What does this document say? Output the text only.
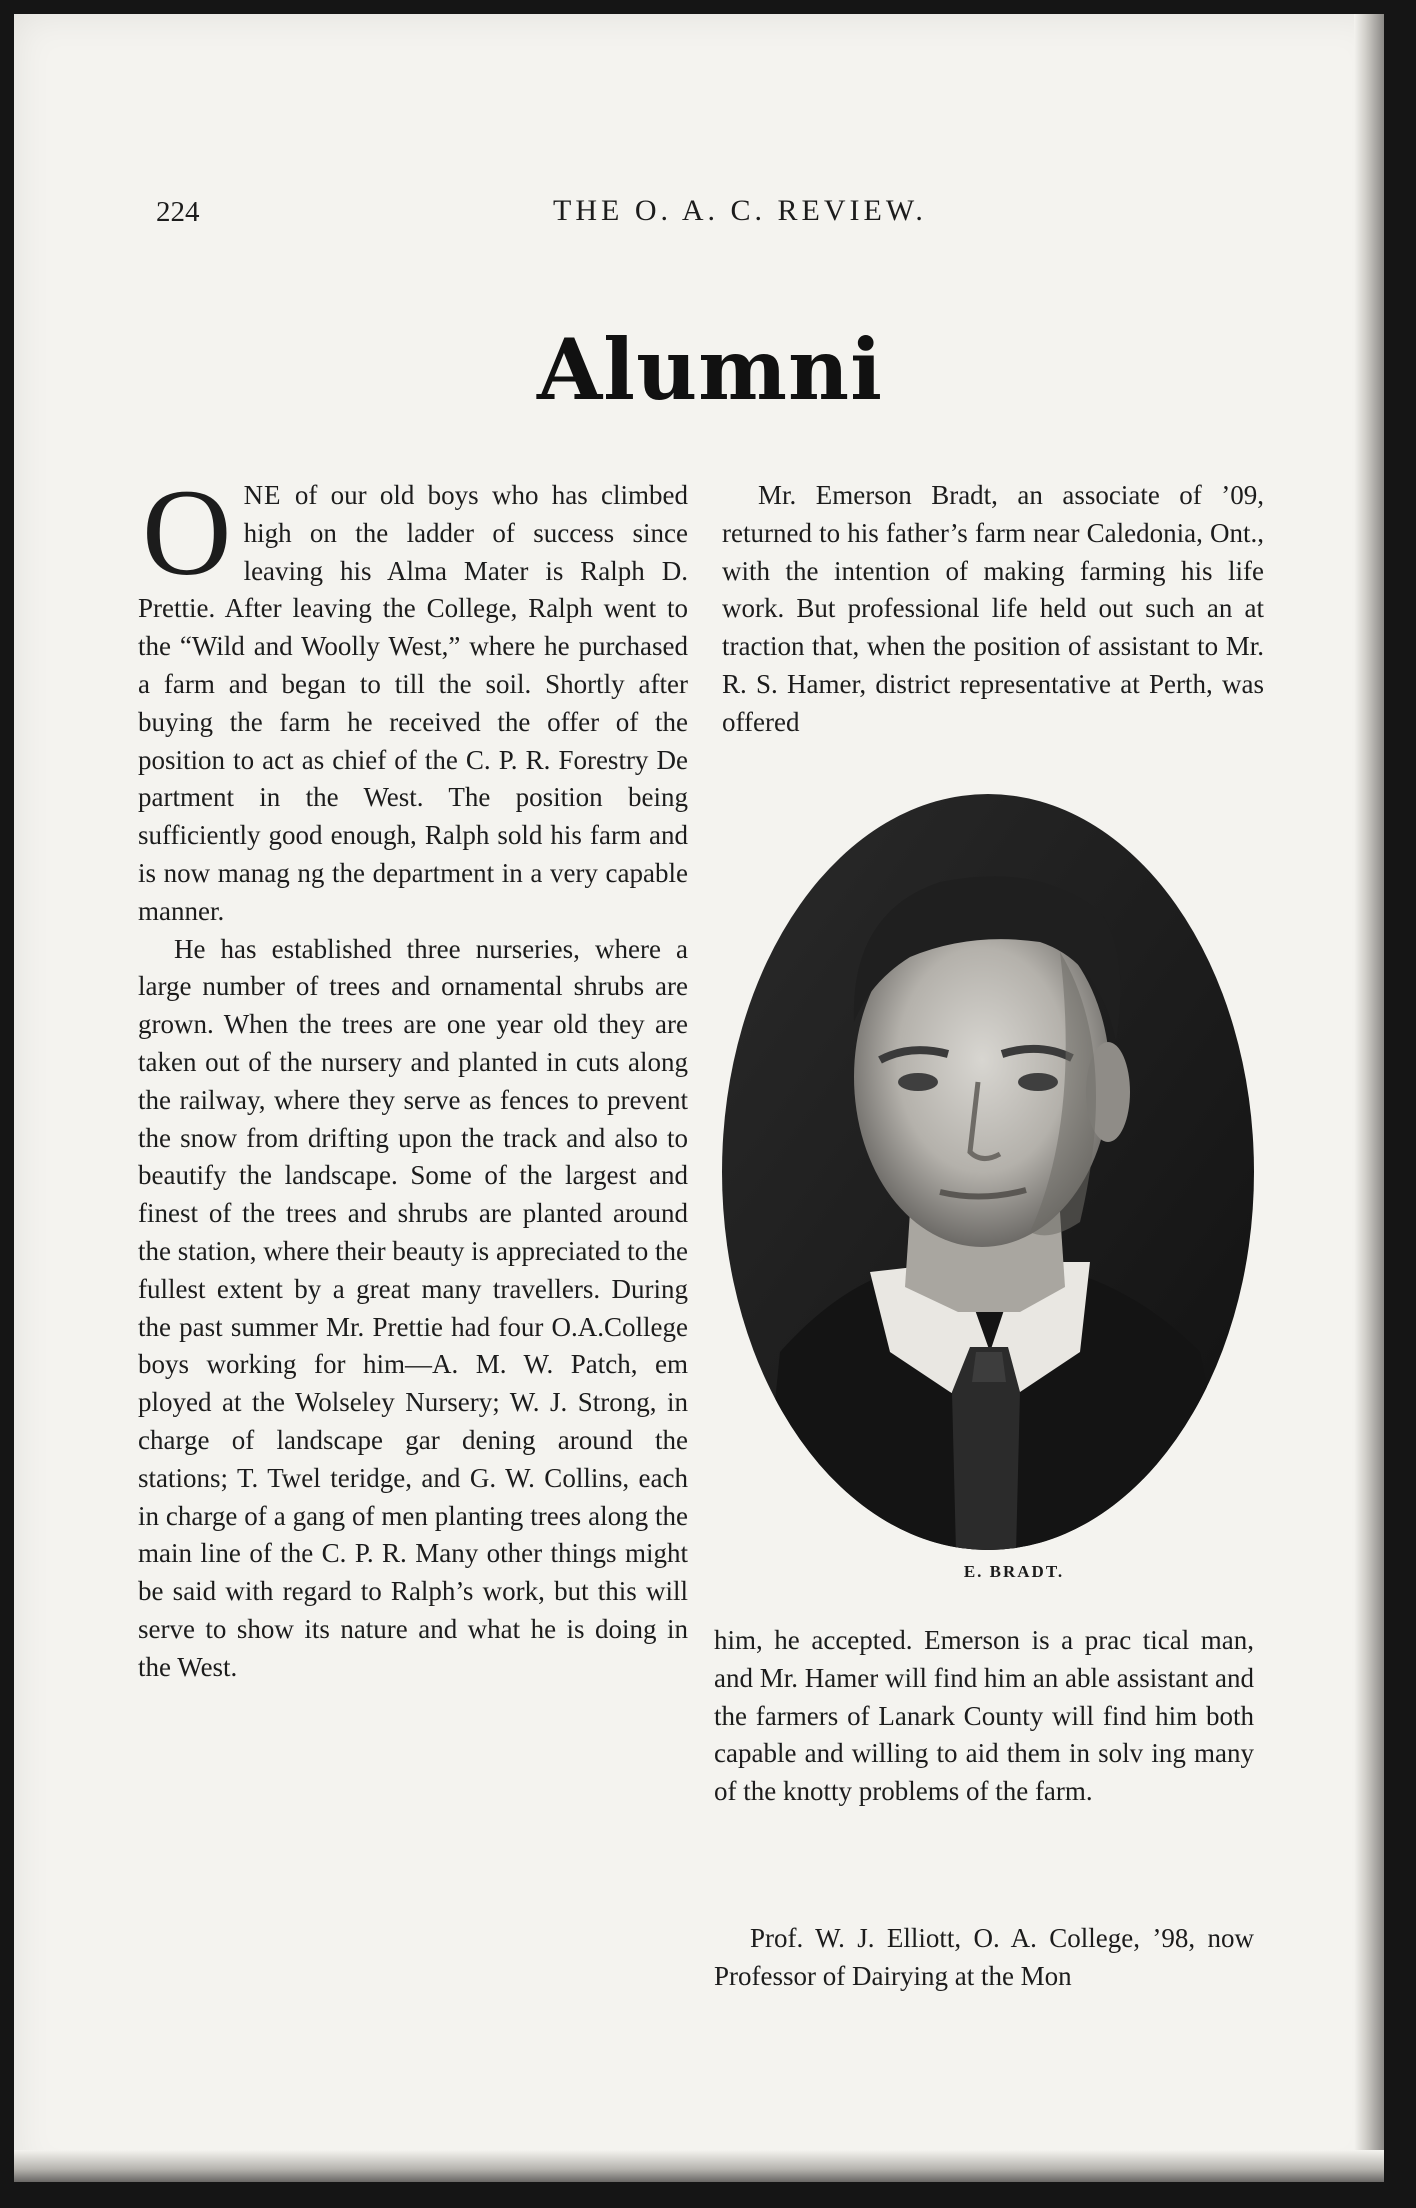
224	THE O. A. C. REVIEW.
Alumni

ONE of our old boys who has climbed high on the ladder of success since leaving his Alma Mater is Ralph D. Prettie. After leaving the College, Ralph went to the “Wild and Woolly West,” where he purchased a farm and began to till the soil. Shortly after buying the farm he received the offer of the position to act as chief of the C. P. R. Forestry De partment in the West. The position being sufficiently good enough, Ralph sold his farm and is now manag ng the department in a very capable manner.

He has established three nurseries, where a large number of trees and ornamental shrubs are grown. When the trees are one year old they are taken out of the nursery and planted in cuts along the railway, where they serve as fences to prevent the snow from drifting upon the track and also to beautify the landscape. Some of the largest and finest of the trees and shrubs are planted around the station, where their beauty is appreciated to the fullest extent by a great many travellers. During the past summer Mr. Prettie had four O.A.College boys working for him—A. M. W. Patch, em ployed at the Wolseley Nursery; W. J. Strong, in charge of landscape gar dening around the stations; T. Twel teridge, and G. W. Collins, each in charge of a gang of men planting trees along the main line of the C. P. R. Many other things might be said with regard to Ralph’s work, but this will serve to show its nature and what he is doing in the West.

Mr. Emerson Bradt, an associate of ’09, returned to his father’s farm near Caledonia, Ont., with the intention of making farming his life work. But professional life held out such an at traction that, when the position of assistant to Mr. R. S. Hamer, district representative at Perth, was offered

E. BRADT.

him, he accepted. Emerson is a prac tical man, and Mr. Hamer will find him an able assistant and the farmers of Lanark County will find him both capable and willing to aid them in solv ing many of the knotty problems of the farm.

Prof. W. J. Elliott, O. A. College, ’98, now Professor of Dairying at the Mon
